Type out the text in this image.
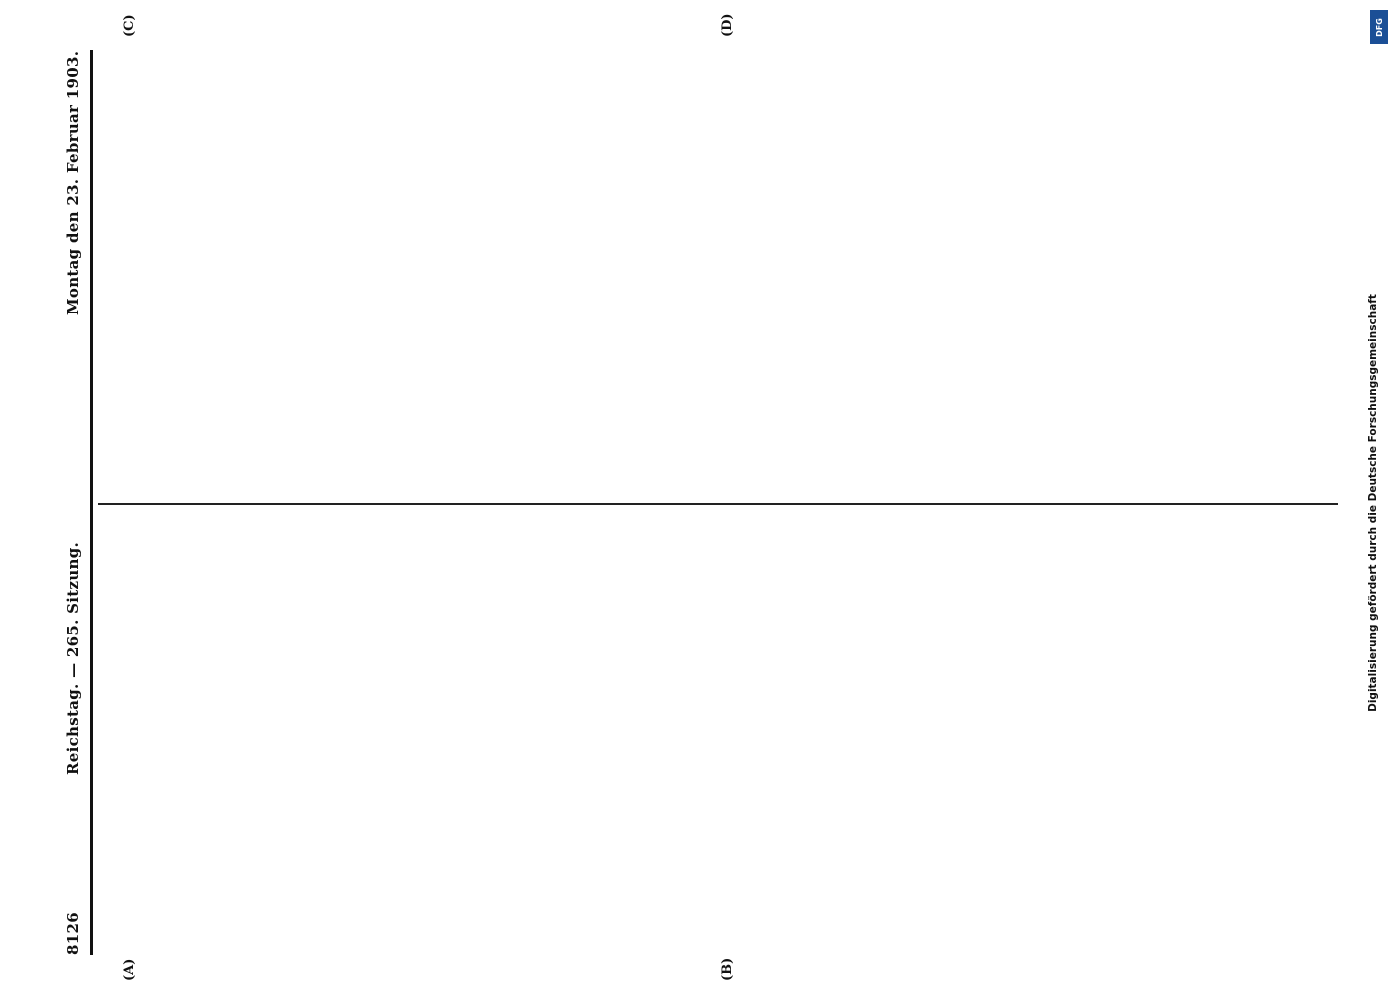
8126
Reichstag. — 265. Sitzung.
Montag den 23. Februar 1903.
(A)	(B)
(C)	(D)
Digitalisierung gefördert durch die Deutsche Forschungsgemeinschaft
DFG
